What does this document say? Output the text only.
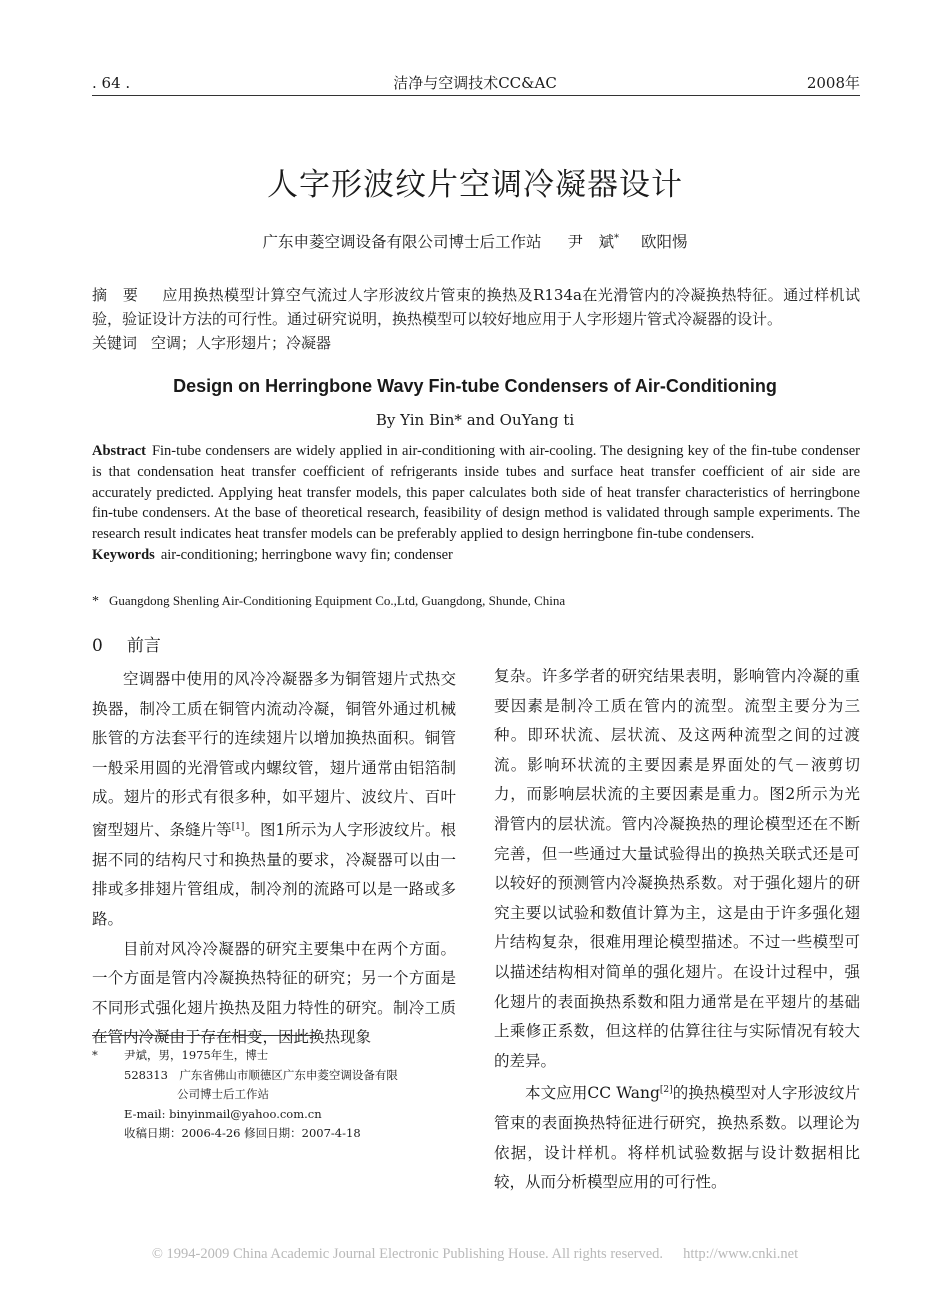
. 64 .	洁净与空调技术CC&AC	2008年
人字形波纹片空调冷凝器设计
广东申菱空调设备有限公司博士后工作站 尹　斌* 欧阳惕

摘　要 应用换热模型计算空气流过人字形波纹片管束的换热及R134a在光滑管内的冷凝换热特征。通过样机试验，验证设计方法的可行性。通过研究说明，换热模型可以较好地应用于人字形翅片管式冷凝器的设计。

关键词 空调；人字形翅片；冷凝器

Design on Herringbone Wavy Fin-tube Condensers of Air-Conditioning
By Yin Bin* and OuYang ti

Abstract Fin-tube condensers are widely applied in air-conditioning with air-cooling. The designing key of the fin-tube condenser is that condensation heat transfer coefficient of refrigerants inside tubes and surface heat transfer coefficient of air side are accurately predicted. Applying heat transfer models, this paper calculates both side of heat transfer characteristics of herringbone fin-tube condensers. At the base of theoretical research, feasibility of design method is validated through sample experiments. The research result indicates heat transfer models can be preferably applied to design herringbone fin-tube condensers.

Keywords air-conditioning; herringbone wavy fin; condenser

* Guangdong Shenling Air-Conditioning Equipment Co.,Ltd, Guangdong, Shunde, China
0 前言

空调器中使用的风冷冷凝器多为铜管翅片式热交换器，制冷工质在铜管内流动冷凝，铜管外通过机械胀管的方法套平行的连续翅片以增加换热面积。铜管一般采用圆的光滑管或内螺纹管，翅片通常由铝箔制成。翅片的形式有很多种，如平翅片、波纹片、百叶窗型翅片、条缝片等[1]。图1所示为人字形波纹片。根据不同的结构尺寸和换热量的要求，冷凝器可以由一排或多排翅片管组成，制冷剂的流路可以是一路或多路。

目前对风冷冷凝器的研究主要集中在两个方面。一个方面是管内冷凝换热特征的研究；另一个方面是不同形式强化翅片换热及阻力特性的研究。制冷工质在管内冷凝由于存在相变，因此换热现象

复杂。许多学者的研究结果表明，影响管内冷凝的重要因素是制冷工质在管内的流型。流型主要分为三种。即环状流、层状流、及这两种流型之间的过渡流。影响环状流的主要因素是界面处的气－液剪切力，而影响层状流的主要因素是重力。图2所示为光滑管内的层状流。管内冷凝换热的理论模型还在不断完善，但一些通过大量试验得出的换热关联式还是可以较好的预测管内冷凝换热系数。对于强化翅片的研究主要以试验和数值计算为主，这是由于许多强化翅片结构复杂，很难用理论模型描述。不过一些模型可以描述结构相对简单的强化翅片。在设计过程中，强化翅片的表面换热系数和阻力通常是在平翅片的基础上乘修正系数，但这样的估算往往与实际情况有较大的差异。

本文应用CC Wang[2]的换热模型对人字形波纹片管束的表面换热特征进行研究，换热系数。以理论为依据，设计样机。将样机试验数据与设计数据相比较，从而分析模型应用的可行性。

* 尹斌，男，1975年生，博士
528313　广东省佛山市顺德区广东申菱空调设备有限
公司博士后工作站
E-mail: binyinmail@yahoo.com.cn
收稿日期：2006-4-26 修回日期：2007-4-18
© 1994-2009 China Academic Journal Electronic Publishing House. All rights reserved. http://www.cnki.net
